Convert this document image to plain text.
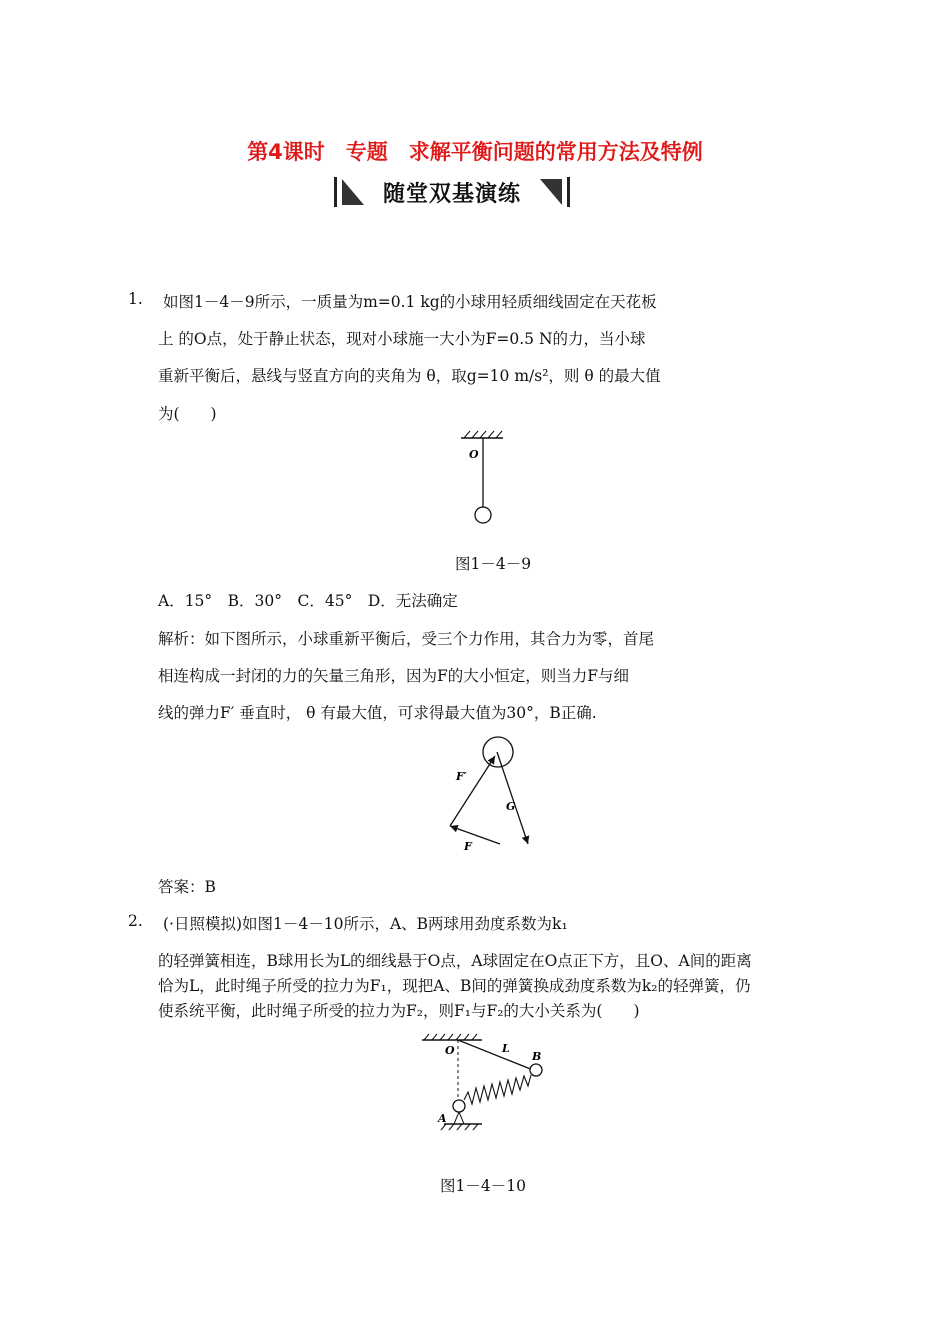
第4课时　专题　求解平衡问题的常用方法及特例
随堂双基演练
1. 如图1－4－9所示，一质量为m=0.1 kg的小球用轻质细线固定在天花板
上 的O点，处于静止状态，现对小球施一大小为F=0.5 N的力，当小球
重新平衡后，悬线与竖直方向的夹角为 θ，取g=10 m/s²，则 θ 的最大值
为(　　)
O
图1－4－9
A．15°　B．30°　C．45°　D．无法确定
解析：如下图所示，小球重新平衡后，受三个力作用，其合力为零，首尾
相连构成一封闭的力的矢量三角形，因为F的大小恒定，则当力F与细
线的弹力F′ 垂直时， θ 有最大值，可求得最大值为30°，B正确.
F′
G
F
答案：B
2. (·日照模拟)如图1－4－10所示，A、B两球用劲度系数为k₁
的轻弹簧相连，B球用长为L的细线悬于O点，A球固定在O点正下方，且O、A间的距离
恰为L，此时绳子所受的拉力为F₁，现把A、B间的弹簧换成劲度系数为k₂的轻弹簧，仍
使系统平衡，此时绳子所受的拉力为F₂，则F₁与F₂的大小关系为(　　)
O	L
B
A
图1－4－10
